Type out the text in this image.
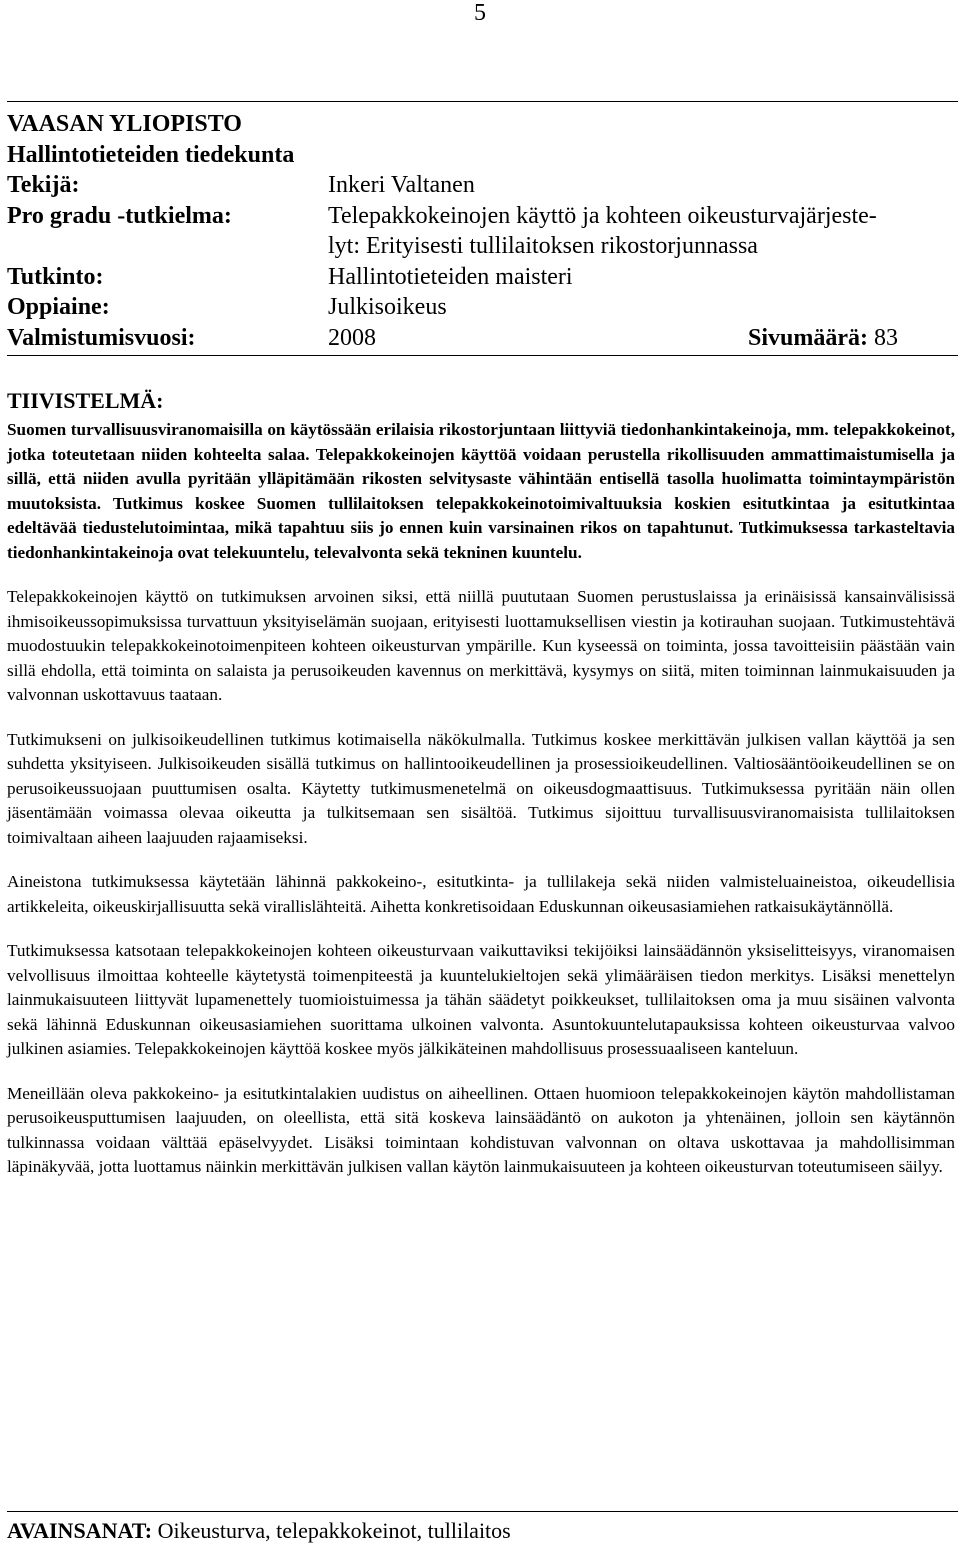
5
VAASAN YLIOPISTO
Hallintotieteiden tiedekunta
Tekijä:	Inkeri Valtanen
Pro gradu -tutkielma:	Telepakkokeinojen käyttö ja kohteen oikeusturvajärjeste-
lyt: Erityisesti tullilaitoksen rikostorjunnassa
Tutkinto:	Hallintotieteiden maisteri
Oppiaine:	Julkisoikeus
Valmistumisvuosi:	2008	Sivumäärä: 83
TIIVISTELMÄ:

Suomen turvallisuusviranomaisilla on käytössään erilaisia rikostorjuntaan liittyviä tiedonhankintakeinoja, mm. telepakkokeinot, jotka toteutetaan niiden kohteelta salaa. Telepakkokeinojen käyttöä voidaan perustella rikollisuuden ammattimaistumisella ja sillä, että niiden avulla pyritään ylläpitämään rikosten selvitysaste vähintään entisellä tasolla huolimatta toimintaympäristön muutoksista. Tutkimus koskee Suomen tullilaitoksen telepakkokeinotoimivaltuuksia koskien esitutkintaa ja esitutkintaa edeltävää tiedustelutoimintaa, mikä tapahtuu siis jo ennen kuin varsinainen rikos on tapahtunut. Tutkimuksessa tarkasteltavia tiedonhankintakeinoja ovat telekuuntelu, televalvonta sekä tekninen kuuntelu.

Telepakkokeinojen käyttö on tutkimuksen arvoinen siksi, että niillä puututaan Suomen perustuslaissa ja erinäisissä kansainvälisissä ihmisoikeussopimuksissa turvattuun yksityiselämän suojaan, erityisesti luottamuksellisen viestin ja kotirauhan suojaan. Tutkimustehtävä muodostuukin telepakkokeinotoimenpiteen kohteen oikeusturvan ympärille. Kun kyseessä on toiminta, jossa tavoitteisiin päästään vain sillä ehdolla, että toiminta on salaista ja perusoikeuden kavennus on merkittävä, kysymys on siitä, miten toiminnan lainmukaisuuden ja valvonnan uskottavuus taataan.

Tutkimukseni on julkisoikeudellinen tutkimus kotimaisella näkökulmalla. Tutkimus koskee merkittävän julkisen vallan käyttöä ja sen suhdetta yksityiseen. Julkisoikeuden sisällä tutkimus on hallintooikeudellinen ja prosessioikeudellinen. Valtiosääntöoikeudellinen se on perusoikeussuojaan puuttumisen osalta. Käytetty tutkimusmenetelmä on oikeusdogmaattisuus. Tutkimuksessa pyritään näin ollen jäsentämään voimassa olevaa oikeutta ja tulkitsemaan sen sisältöä. Tutkimus sijoittuu turvallisuusviranomaisista tullilaitoksen toimivaltaan aiheen laajuuden rajaamiseksi.

Aineistona tutkimuksessa käytetään lähinnä pakkokeino-, esitutkinta- ja tullilakeja sekä niiden valmisteluaineistoa, oikeudellisia artikkeleita, oikeuskirjallisuutta sekä virallislähteitä. Aihetta konkretisoidaan Eduskunnan oikeusasiamiehen ratkaisukäytännöllä.

Tutkimuksessa katsotaan telepakkokeinojen kohteen oikeusturvaan vaikuttaviksi tekijöiksi lainsäädännön yksiselitteisyys, viranomaisen velvollisuus ilmoittaa kohteelle käytetystä toimenpiteestä ja kuuntelukieltojen sekä ylimääräisen tiedon merkitys. Lisäksi menettelyn lainmukaisuuteen liittyvät lupamenettely tuomioistuimessa ja tähän säädetyt poikkeukset, tullilaitoksen oma ja muu sisäinen valvonta sekä lähinnä Eduskunnan oikeusasiamiehen suorittama ulkoinen valvonta. Asuntokuuntelutapauksissa kohteen oikeusturvaa valvoo julkinen asiamies. Telepakkokeinojen käyttöä koskee myös jälkikäteinen mahdollisuus prosessuaaliseen kanteluun.

Meneillään oleva pakkokeino- ja esitutkintalakien uudistus on aiheellinen. Ottaen huomioon telepakkokeinojen käytön mahdollistaman perusoikeusputtumisen laajuuden, on oleellista, että sitä koskeva lainsäädäntö on aukoton ja yhtenäinen, jolloin sen käytännön tulkinnassa voidaan välttää epäselvyydet. Lisäksi toimintaan kohdistuvan valvonnan on oltava uskottavaa ja mahdollisimman läpinäkyvää, jotta luottamus näinkin merkittävän julkisen vallan käytön lainmukaisuuteen ja kohteen oikeusturvan toteutumiseen säilyy.

AVAINSANAT: Oikeusturva, telepakkokeinot, tullilaitos
